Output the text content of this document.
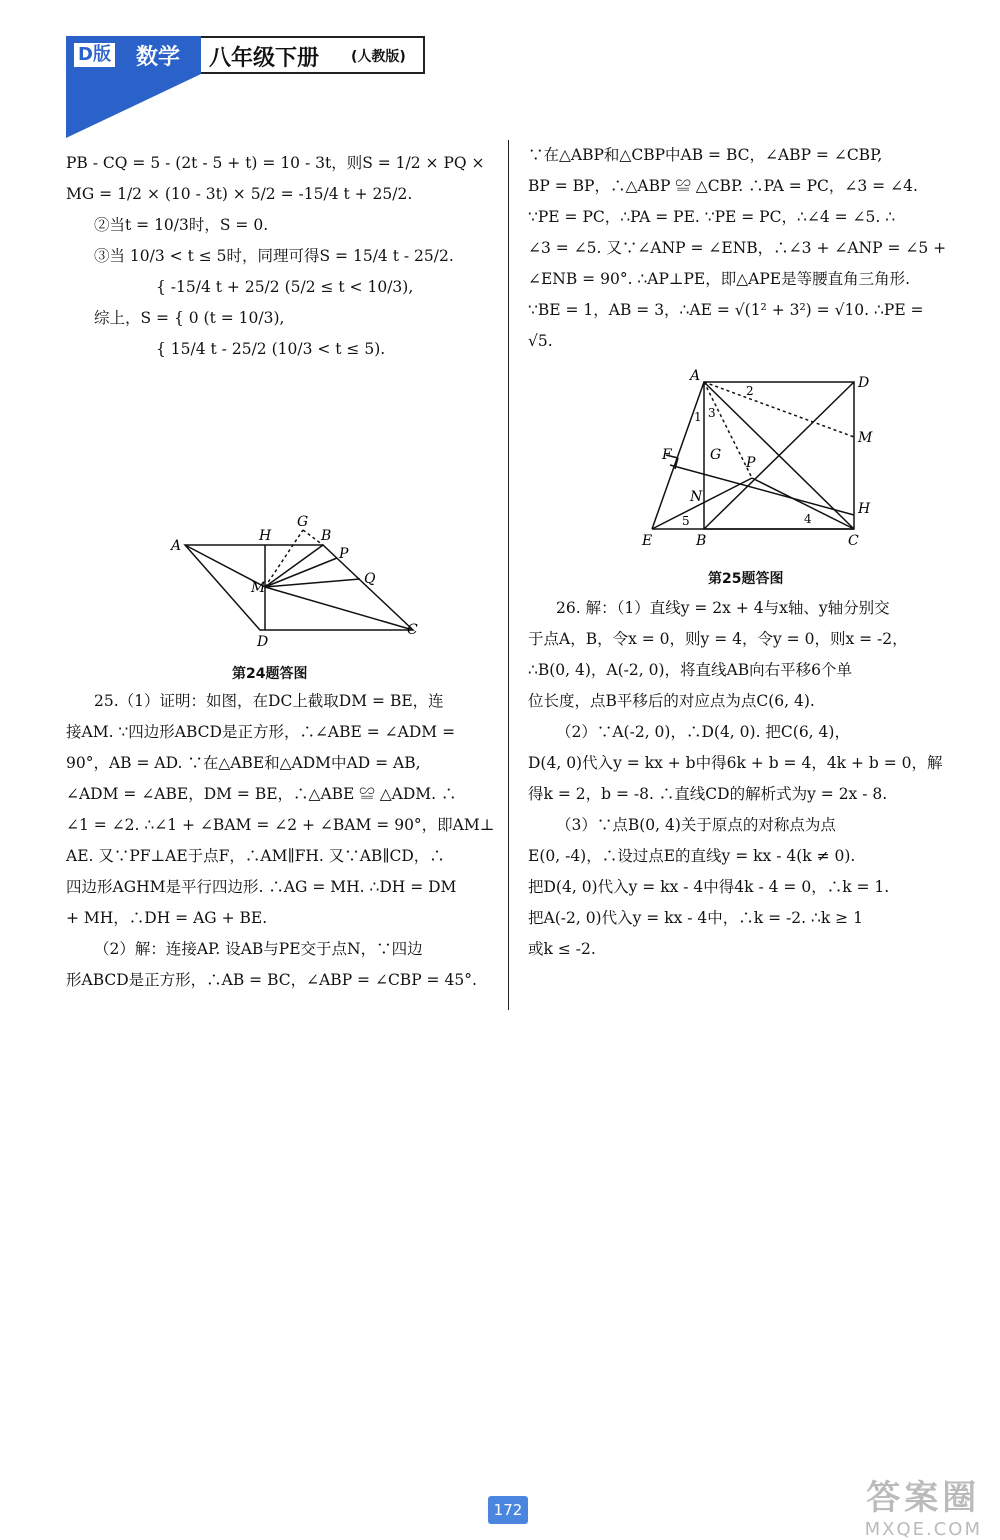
D版 数学 八年级下册 (人教版)

PB - CQ = 5 - (2t - 5 + t) = 10 - 3t，则S = 1/2 × PQ ×

MG = 1/2 × (10 - 3t) × 5/2 = -15/4 t + 25/2.

②当t = 10/3时，S = 0.

③当 10/3 < t ≤ 5时，同理可得S = 15/4 t - 25/2.

{ -15/4 t + 25/2 (5/2 ≤ t < 10/3),

综上，S = { 0 (t = 10/3),

{ 15/4 t - 25/2 (10/3 < t ≤ 5).

A
H
G
B
P
Q
M
D
C
第24题答图

25.（1）证明：如图，在DC上截取DM = BE，连

接AM. ∵四边形ABCD是正方形，∴∠ABE = ∠ADM =

90°，AB = AD. ∵在△ABE和△ADM中AD = AB,

∠ADM = ∠ABE，DM = BE，∴△ABE ≌ △ADM. ∴

∠1 = ∠2. ∴∠1 + ∠BAM = ∠2 + ∠BAM = 90°，即AM⊥

AE. 又∵PF⊥AE于点F，∴AM∥FH. 又∵AB∥CD，∴

四边形AGHM是平行四边形. ∴AG = MH. ∴DH = DM

+ MH，∴DH = AG + BE.

（2）解：连接AP. 设AB与PE交于点N，∵四边

形ABCD是正方形，∴AB = BC，∠ABP = ∠CBP = 45°.

∵在△ABP和△CBP中AB = BC，∠ABP = ∠CBP,

BP = BP，∴△ABP ≌ △CBP. ∴PA = PC，∠3 = ∠4.

∵PE = PC，∴PA = PE. ∵PE = PC，∴∠4 = ∠5. ∴

∠3 = ∠5. 又∵∠ANP = ∠ENB，∴∠3 + ∠ANP = ∠5 +

∠ENB = 90°. ∴AP⊥PE，即△APE是等腰直角三角形.

∵BE = 1，AB = 3，∴AE = √(1² + 3²) = √10. ∴PE =

√5.

A	D
M
F	G P
N
H
E	B	C
1
2
3
4
5
第25题答图

26. 解：（1）直线y = 2x + 4与x轴、y轴分别交

于点A，B，令x = 0，则y = 4，令y = 0，则x = -2，

∴B(0, 4)，A(-2, 0)，将直线AB向右平移6个单

位长度，点B平移后的对应点为点C(6, 4).

（2）∵A(-2, 0)，∴D(4, 0). 把C(6, 4)，

D(4, 0)代入y = kx + b中得6k + b = 4，4k + b = 0，解

得k = 2，b = -8. ∴直线CD的解析式为y = 2x - 8.

（3）∵点B(0, 4)关于原点的对称点为点

E(0, -4)，∴设过点E的直线y = kx - 4(k ≠ 0).

把D(4, 0)代入y = kx - 4中得4k - 4 = 0，∴k = 1.

把A(-2, 0)代入y = kx - 4中，∴k = -2. ∴k ≥ 1

或k ≤ -2.

172	答案圈
MXQE.COM
